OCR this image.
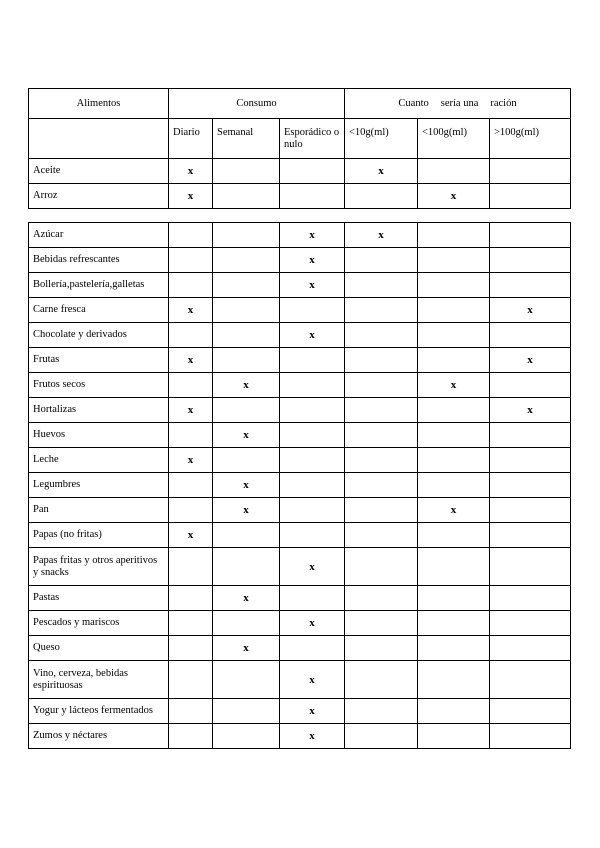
Alimentos	Consumo			Cuanto sería una ración		
	Diario	Semanal	Esporádico o nulo	<10g(ml)	<100g(ml)	>100g(ml)
Aceite	x			x		
Arroz	x				x	
Azúcar			x	x		
Bebidas refrescantes			x			
Bollería,pastelería,galletas			x			
Carne fresca	x					x
Chocolate y derivados			x			
Frutas	x					x
Frutos secos		x			x	
Hortalizas	x					x
Huevos		x				
Leche	x					
Legumbres		x				
Pan		x			x	
Papas (no fritas)	x					
Papas fritas y otros aperitivos y snacks			x			
Pastas		x				
Pescados y mariscos			x			
Queso		x				
Vino, cerveza, bebidas espirituosas			x			
Yogur y lácteos fermentados			x			
Zumos y néctares			x			
